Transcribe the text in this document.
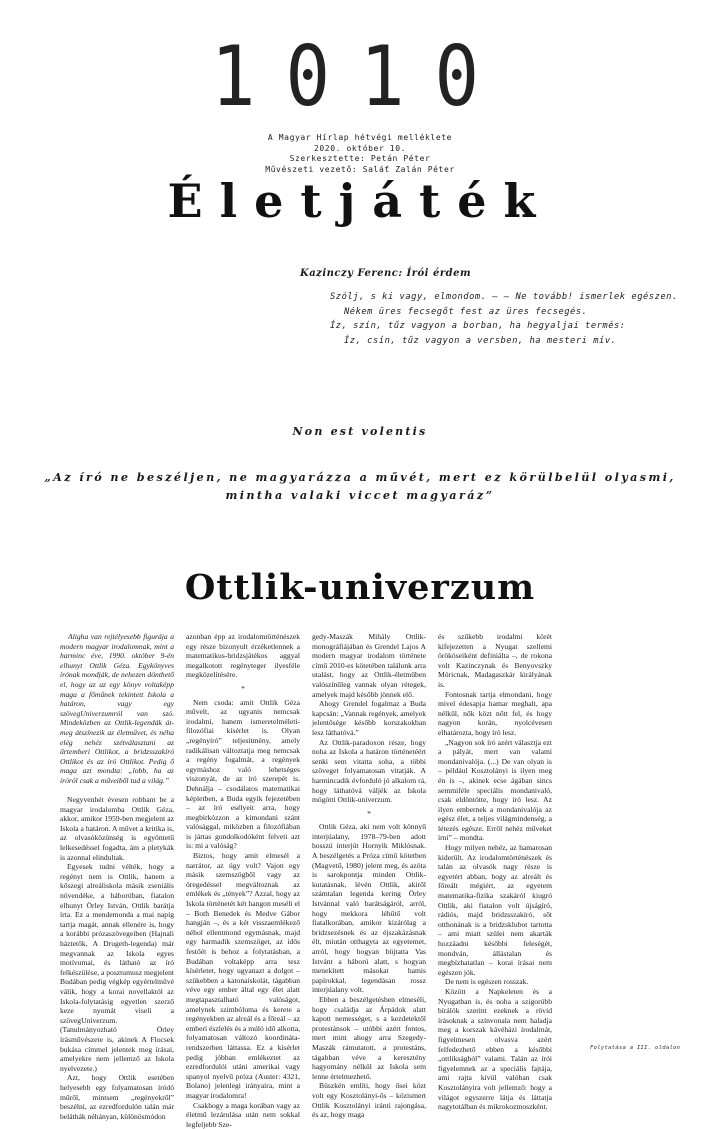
1010
A Magyar Hírlap hétvégi melléklete
2020. október 10.
Szerkesztette: Petán Péter
Művészeti vezető: Saláť Zalán Péter
Életjáték
Kazinczy Ferenc: Írói érdem
Szólj, s ki vagy, elmondom. – – Ne tovább! ismerlek egészen.
Nékem üres fecsegőt fest az üres fecsegés.
Íz, szín, tűz vagyon a borban, ha hegyaljai termés:
Íz, csín, tűz vagyon a versben, ha mesteri mív.
Non est volentis
„Az író ne beszéljen, ne magyarázza a művét, mert ez körülbelül olyasmi, mintha valaki viccet magyaráz”
Ottlik-univerzum

Aligha van rejtélyesebb figurája a modern magyar irodalomnak, mint a harminc éve, 1990. október 9-én elhunyt Ottlik Géza. Egykönyves írónak mondják, de nehezen dönthető el, hogy az az egy könyv voltaképp maga a főműnek tekintett Iskola a határon, vagy egy szövegUniverzumról van szó. Mindeközben az Ottlik-legendák át- meg átszínezik az életművet, és néha elég nehéz szétválasztani az űrtemberi Ottlikot, a bridzsszakíró Ottlikot és az író Ottlikot. Pedig ő maga azt mondta: „lobb, ha az íróról csak a műveiből tud a világ.”

Negyvenhét évesen robbant be a magyar irodalomba Ottlik Géza, akkor, amikor 1959-ben megjelent az Iskola a határon. A művet a kritika is, az olvasóközönség is egyöntetű lelkesedéssel fogadta, ám a pletykák is azonnal elindultak.

Egyesek tudni vélték, hogy a regényt nem is Ottlik, hanem a kőszegi alreáliskola másik zseniális növendéke, a háborúban, fiatalon elhunyt Örley István, Ottlik barátja írta. Ez a mendemonda a mai napig tartja magát, annak ellenére is, hogy a korábbi prózaszövegeiben (Hajnali háztetők, A Drugeth-legenda) már megvannak az Iskola egyes motívumai, és látható az író felkészülése, a posztumusz megjelent Budában pedig végkép egyértelművé válik, hogy a korai novellaktól az Iskola-folytatásig egyetlen szerző keze nyomát viseli a szövegUniverzum. (Tanulmányozható Örley írásművészete is, akinek A Flocsek bukása címmel jelentek meg írásai, amelyekre nem jellemző az Iskola nyelvezete.)

Azt, hogy Ottlik esetében helyesebb egy folyamatosan íródó műről, mintsem „regényekről” beszélni, az ezredfordulón talán már beláthák néhányan, különösmódon

azonban épp az irodalomtörténészek egy része bizonyult érzéketlennek a matematikus-bridzsjátékos aggyal megalkotott regényteger ilyesféle megközelítésére.

*

Nem csoda: amit Ottlik Géza művelt, az ugyanis nemcsak irodalmi, hanem ismeretelméleti-filozófiai kísérlet is. Olyan „regényíró” teljesítmény, amely radikálisan változtatja meg nemcsak a regény fogalmát, a regények egymáshoz való lehetséges viszonyát, de az író szerepét is. Dehnálja – csodálatos matematikai képletben, a Buda egyik fejezetében – az író esélyeit arra, hogy megbirkózzon a kimondani szánt valósággal, miközben a filozófiában is jártas gondolkodóként felveti azt is: mi a valóság?

Biztos, hogy amit elmesél a narrátor, az úgy volt? Vajon egy másik szemszögből vagy az öregedéssel megváltoznak az emlékek és „tények”? Azzal, hogy az Iskola történetét két hangon meséli el – Both Benedek és Medve Gábor hangján –, és a két visszaemlékező néhol ellentmond egymásnak, majd egy harmadik szemszöget, az idős festőét is behoz a folytatásban, a Budában voltaképp arra tesz kísérletet, hogy ugyanazt a dolgot – szükebben a katonaiskolát, tágabban véve egy ember által egy élet alatt megtapasztalható valóságot, amelynek szimbóluma és kerete a regényekben az alreál és a főreál – az emberi észlelés és a múló idő alkotta, folyamatosan változó koordináta-rendszerben láttassa. Ez a kísérlet pedig jóbban emlékeztet az ezredfordulói utáni amerikai vagy spanyol nyelvű próza (Auster: 4321, Bolano) jelenlegi irányaira, mint a magyar irodalomra!

Csakhogy a maga korában vagy az életmű lezárulása után nem sokkal legfeljebb Sze-

gedy-Maszák Mihály Ottlik-monográfiájában és Grendel Lajos A modern magyar irodalom története című 2010-es kötetében találunk arra utalást, hogy az Ottlik-életműben valószínűleg vannak olyan rétegek, amelyek majd később jönnek elő.

Ahogy Grendel fogalmaz a Buda kapcsán: „Vannak regények, amelyek jelentősége később korszakokban lesz láthatóvá.”

Az Ottlik-paradoxon része, hogy noha az Iskola a határon történetéért senki sem vitatta soha, a többi szöveget folyamatosan vitatják. A harmincadik évforduló jó alkalom rá, hogy láthatóvá váljék az Iskola mögötti Ottlik-univerzum.

*

Ottlik Géza, aki nem volt könnyű interjúalany, 1978–79-ben adott hosszú interjút Hornyik Miklósnak. A beszélgetés a Próza címû kötetben (Magvető, 1980) jelent meg, és azóta is sarokpontja minden Ottlik-kutatásnak, lévén Ottlik, akiről számtalan legenda kering Örley Istvánnal való barátságáról, arról, hogy mekkora léhűtő volt fiatalkorában, amikor kizárólag a bridzsezésnek és az éjszakázásnak élt, miután otthagyta az egyetemet, arról, hogy hogyan büjtatta Vas Istvánt a háború alatt, s hogyan menekített másokat hamis papírokkal, legendásan rossz interjúalany volt.

Ebben a beszélgetésben elmeséli, hogy családja az Árpádok alatt kapott nemességet, s a kezdetektől protestánsok – utóbbi azért fontos, mert mint ahogy arra Szegedy-Maszák rámutatott, a protestáns, tágabban véve a keresztény hagyomány nélkül az Iskola sem lenne értelmezhető.

Büszkén említi, hogy ősei közt volt egy Kosztolányi-ős – közismert Ottlik Kosztolányi iránti rajongása, és az, hogy maga

és szűkebb irodalmi körét kifejezetten a Nyugat szellemi örököseiként definiálta –, de rokona volt Kazinczynak és Benyovszky Móricnak, Madagaszkár királyának is.

Fontosnak tartja elmondani, hogy mivel édesapja hamar meghalt, apa nélkül, nők közt nőtt fel, és hogy nagyon korán, nyolcévesen elhatározta, hogy író lesz.

„Nagyon sok író azért választja ezt a pályát, mert van valami mondanivalója. (...) De van olyan is – például Kosztolányi is ilyen meg én is –, akinek ecse ágában sincs semmiféle speciális mondanivaló, csak eldöntötte, hogy író lesz. Az ilyen embernek a mondanivalója az egész élet, a teljes világmindenség, a létezés egésze. Erről nehéz műveket írni” – mondta.

Hogy milyen nehéz, az hamarosan kiderült. Az irodalomtörténészek és talán az olvasók nagy része is egyetért abban, hogy az alreált és főreált mégiért, az egyetem matematika-fizika szakáról kiugró Ottlik, aki fiatalon volt újságíró, rádiós, majd bridzsszakíró, sőt otthonának is a bridzsklubot tartotta – ami miatt szülei nem akarták hozzáadni későbbi feleségét, mondván, állástalan és megbízhatatlan – korai írásai nem egészen jók.

De nem is egészen rosszak.

Között a Napkeleten és a Nyugatban is, és noha a szigorúbb bírálók szerint ezeknek a rövid írásoknak a színvonala nem haladja meg a korszak kávéházi írodalmát, figyelmesen olvasva azért felfedezhető ebben a későbbi „ottlikságból” valami. Talán az írói figyelemnek az a speciális fajtája, ami rajta kívül valóban csak Kosztolányira volt jellemző: hogy a világot egyszerre látja és láttatja nagytotálban és mikrokozmoszként.

Folytatása a III. oldalon
